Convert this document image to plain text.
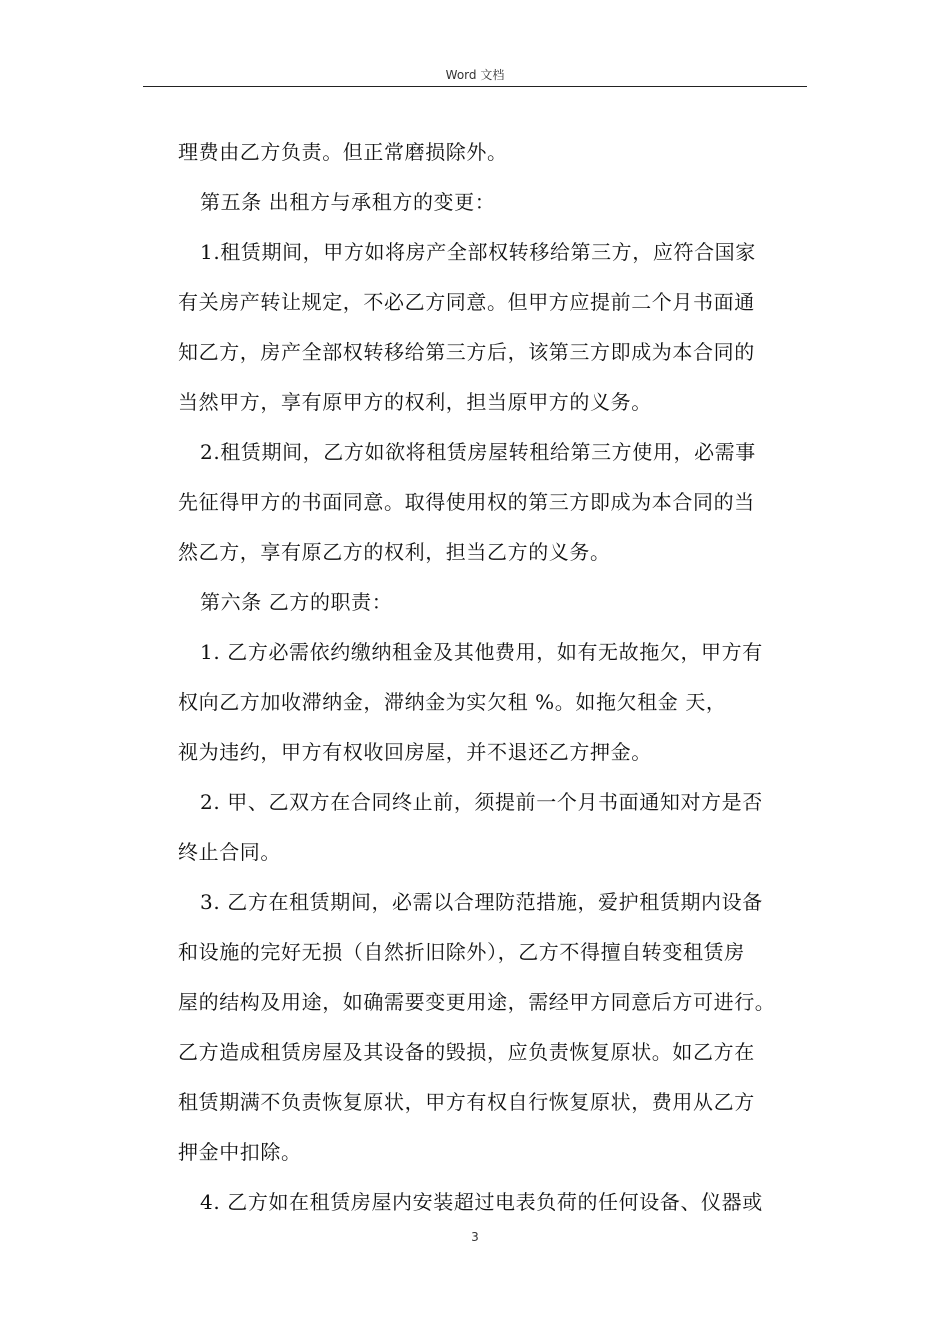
Word 文档
理费由乙方负责。但正常磨损除外。
第五条 出租方与承租方的变更：
1.租赁期间，甲方如将房产全部权转移给第三方，应符合国家
有关房产转让规定，不必乙方同意。但甲方应提前二个月书面通
知乙方，房产全部权转移给第三方后，该第三方即成为本合同的
当然甲方，享有原甲方的权利，担当原甲方的义务。
2.租赁期间，乙方如欲将租赁房屋转租给第三方使用，必需事
先征得甲方的书面同意。取得使用权的第三方即成为本合同的当
然乙方，享有原乙方的权利，担当乙方的义务。
第六条 乙方的职责：
1. 乙方必需依约缴纳租金及其他费用，如有无故拖欠，甲方有
权向乙方加收滞纳金，滞纳金为实欠租 %。如拖欠租金 天，
视为违约，甲方有权收回房屋，并不退还乙方押金。
2. 甲、乙双方在合同终止前，须提前一个月书面通知对方是否
终止合同。
3. 乙方在租赁期间，必需以合理防范措施，爱护租赁期内设备
和设施的完好无损（自然折旧除外），乙方不得擅自转变租赁房
屋的结构及用途，如确需要变更用途，需经甲方同意后方可进行。
乙方造成租赁房屋及其设备的毁损，应负责恢复原状。如乙方在
租赁期满不负责恢复原状，甲方有权自行恢复原状，费用从乙方
押金中扣除。
4. 乙方如在租赁房屋内安装超过电表负荷的任何设备、仪器或
3
